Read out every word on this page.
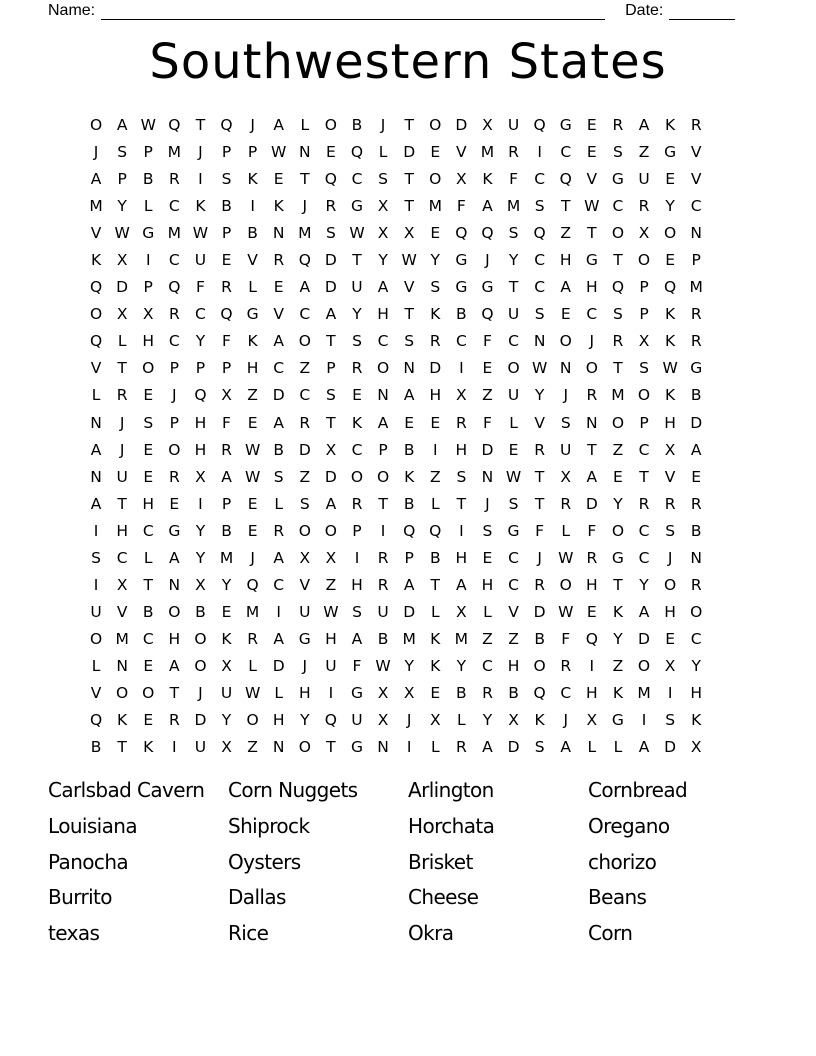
Name:	Date:
Southwestern States
O A W Q T Q	J	A	L	O B	J	T O D X U Q G E	R A	K	R
J	S	P M	J	P	P W N E Q	L	D E	V M R	I	C	E	S	Z G V
A	P	B R	I	S	K	E	T Q C	S	T O X	K	F	C Q V G U	E	V
M Y	L	C	K	B	I	K	J	R G X	T M F	A M S	T W C R	Y	C
V W G M W P	B N M S W X X	E Q Q S Q Z	T O X O N
K	X	I	C U	E	V R Q D T	Y W Y G	J	Y	C H G T O E	P
Q D P Q	F	R	L	E	A D U A V	S G G T	C A H Q P Q M
O X X R C Q G V C A	Y	H	T	K	B Q U	S	E	C	S	P	K	R
Q	L	H C	Y	F	K	A O T	S	C	S	R C	F	C N O	J	R X	K	R
V	T O P	P	P	H C Z	P	R O N D	I	E O W N O T	S W G
L	R	E	J	Q X Z D C	S	E N A H X Z U	Y	J	R M O K	B
N	J	S	P	H	F	E	A R	T	K	A	E	E	R	F	L	V	S N O P	H D
A	J	E O H R W B D X C	P	B	I	H D E	R U	T	Z C X A
N U	E	R X A W S	Z D O O K	Z	S N W T	X A	E	T	V	E
A	T	H E	I	P	E	L	S	A R	T	B	L	T	J	S	T	R D Y	R R R
I	H C G Y	B	E	R O O P	I	Q Q	I	S G	F	L	F	O C	S	B
S	C	L	A	Y M	J	A X X	I	R	P	B H E	C	J	W R G C	J	N
I	X	T	N X	Y Q C V Z H R A	T	A H C R O H	T	Y O R
U V B O B	E M	I	U W S U D	L	X	L	V D W E	K	A H O
O M C H O K	R A G H A B M K M Z Z B	F	Q Y D E	C
L	N E	A O X	L	D	J	U	F W Y	K	Y	C H O R	I	Z O X	Y
V O O T	J	U W L	H	I	G X X	E	B R B Q C H K M	I	H
Q K	E	R D Y O H	Y Q U X	J	X	L	Y	X	K	J	X G	I	S	K
B	T	K	I	U X Z N O T G N	I	L	R A D S	A	L	L	A D X
Carlsbad Cavern	Corn Nuggets	Arlington	Cornbread
Louisiana	Shiprock	Horchata	Oregano
Panocha	Oysters	Brisket	chorizo
Burrito	Dallas	Cheese	Beans
texas	Rice	Okra	Corn
